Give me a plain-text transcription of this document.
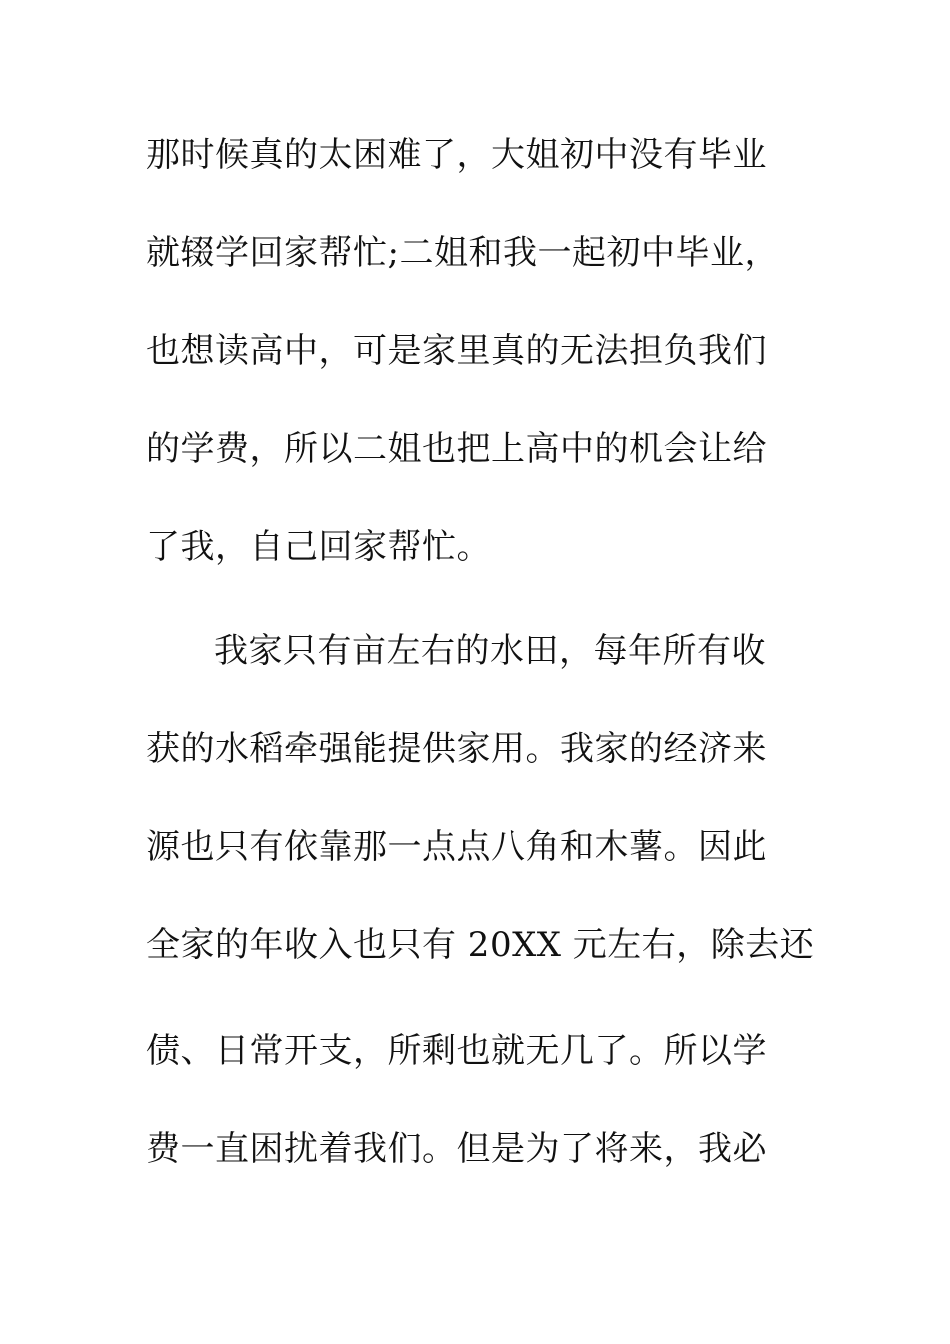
那时候真的太困难了，大姐初中没有毕业
就辍学回家帮忙;二姐和我一起初中毕业，
也想读高中，可是家里真的无法担负我们
的学费，所以二姐也把上高中的机会让给
了我，自己回家帮忙。
我家只有亩左右的水田，每年所有收
获的水稻牵强能提供家用。我家的经济来
源也只有依靠那一点点八角和木薯。因此
全家的年收入也只有 20XX 元左右，除去还
债、日常开支，所剩也就无几了。所以学
费一直困扰着我们。但是为了将来，我必
